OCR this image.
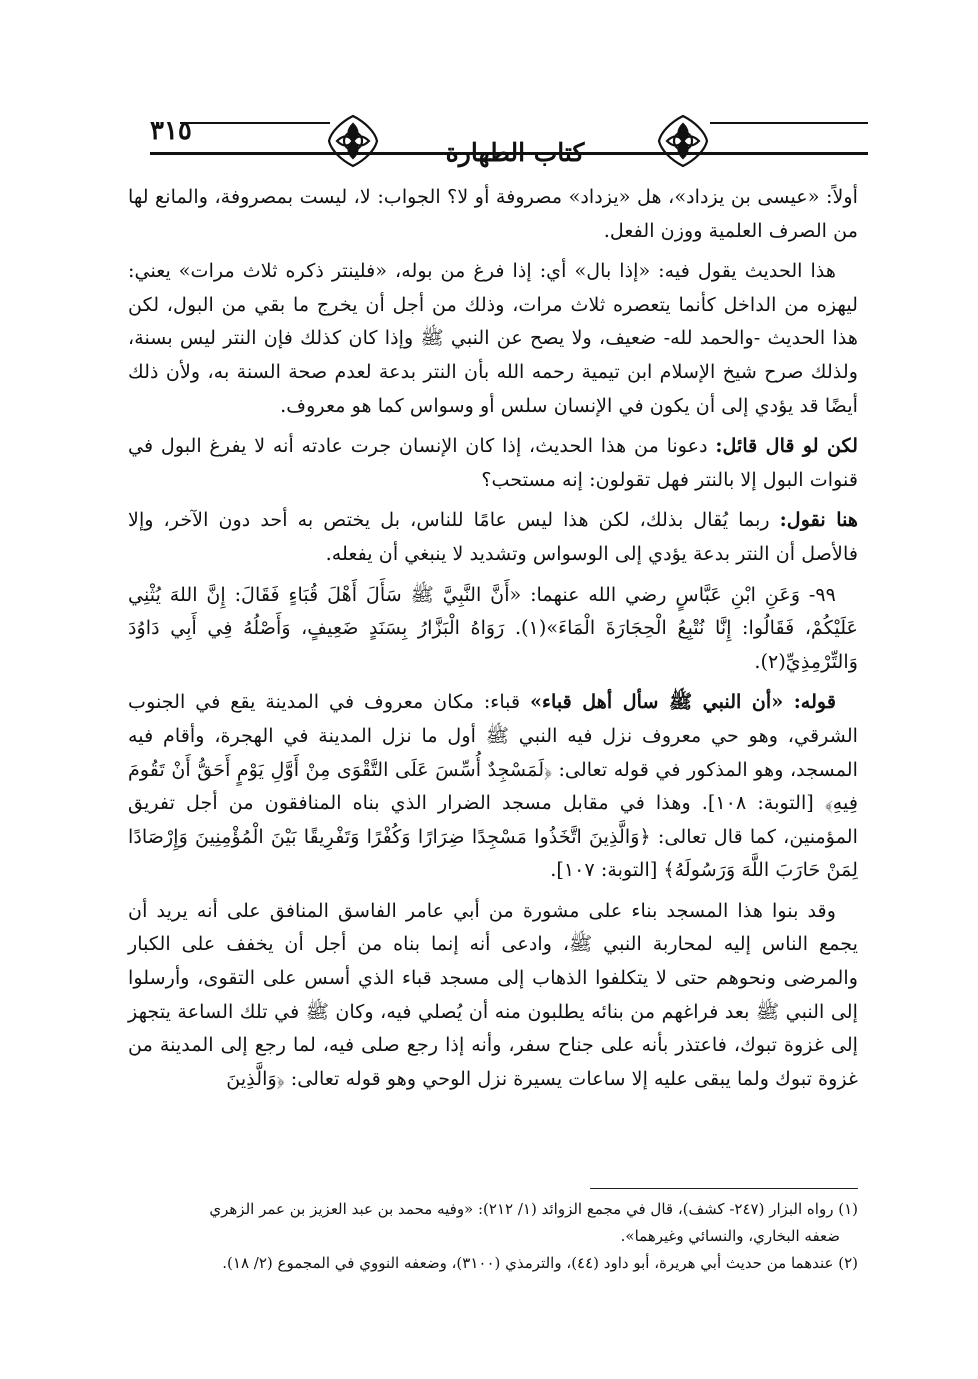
٣١٥
كتاب الطهارة

أولاً: «عيسى بن يزداد»، هل «يزداد» مصروفة أو لا؟ الجواب: لا، ليست بمصروفة، والمانع لها من الصرف العلمية ووزن الفعل.

هذا الحديث يقول فيه: «إذا بال» أي: إذا فرغ من بوله، «فلينتر ذكره ثلاث مرات» يعني: ليهزه من الداخل كأنما يتعصره ثلاث مرات، وذلك من أجل أن يخرج ما بقي من البول، لكن هذا الحديث -والحمد لله- ضعيف، ولا يصح عن النبي ﷺ وإذا كان كذلك فإن النتر ليس بسنة، ولذلك صرح شيخ الإسلام ابن تيمية رحمه الله بأن النتر بدعة لعدم صحة السنة به، ولأن ذلك أيضًا قد يؤدي إلى أن يكون في الإنسان سلس أو وسواس كما هو معروف.

لكن لو قال قائل: دعونا من هذا الحديث، إذا كان الإنسان جرت عادته أنه لا يفرغ البول في قنوات البول إلا بالنتر فهل تقولون: إنه مستحب؟

هنا نقول: ربما يُقال بذلك، لكن هذا ليس عامًا للناس، بل يختص به أحد دون الآخر، وإلا فالأصل أن النتر بدعة يؤدي إلى الوسواس وتشديد لا ينبغي أن يفعله.

٩٩- وَعَنِ ابْنِ عَبَّاسٍ رضي الله عنهما: «أَنَّ النَّبِيَّ ﷺ سَأَلَ أَهْلَ قُبَاءٍ فَقَالَ: إِنَّ اللهَ يُثْنِي عَلَيْكُمْ، فَقَالُوا: إِنَّا نُتْبِعُ الْحِجَارَةَ الْمَاءَ»(١). رَوَاهُ الْبَزَّارُ بِسَنَدٍ ضَعِيفٍ، وَأَصْلُهُ فِي أَبِي دَاوُدَ وَالتِّرْمِذِيِّ(٢).

قوله: «أن النبي ﷺ سأل أهل قباء» قباء: مكان معروف في المدينة يقع في الجنوب الشرقي، وهو حي معروف نزل فيه النبي ﷺ أول ما نزل المدينة في الهجرة، وأقام فيه المسجد، وهو المذكور في قوله تعالى: ﴿لَمَسْجِدٌ أُسِّسَ عَلَى التَّقْوَى مِنْ أَوَّلِ يَوْمٍ أَحَقُّ أَنْ تَقُومَ فِيهِ﴾ [التوبة: ١٠٨]. وهذا في مقابل مسجد الضرار الذي بناه المنافقون من أجل تفريق المؤمنين، كما قال تعالى: ﴿وَالَّذِينَ اتَّخَذُوا مَسْجِدًا ضِرَارًا وَكُفْرًا وَتَفْرِيقًا بَيْنَ الْمُؤْمِنِينَ وَإِرْصَادًا لِمَنْ حَارَبَ اللَّهَ وَرَسُولَهُ﴾ [التوبة: ١٠٧].

وقد بنوا هذا المسجد بناء على مشورة من أبي عامر الفاسق المنافق على أنه يريد أن يجمع الناس إليه لمحاربة النبي ﷺ، وادعى أنه إنما بناه من أجل أن يخفف على الكبار والمرضى ونحوهم حتى لا يتكلفوا الذهاب إلى مسجد قباء الذي أسس على التقوى، وأرسلوا إلى النبي ﷺ بعد فراغهم من بنائه يطلبون منه أن يُصلي فيه، وكان ﷺ في تلك الساعة يتجهز إلى غزوة تبوك، فاعتذر بأنه على جناح سفر، وأنه إذا رجع صلى فيه، لما رجع إلى المدينة من غزوة تبوك ولما يبقى عليه إلا ساعات يسيرة نزل الوحي وهو قوله تعالى: ﴿وَالَّذِينَ

(١) رواه البزار (٢٤٧- كشف)، قال في مجمع الزوائد (١/ ٢١٢): «وفيه محمد بن عبد العزيز بن عمر الزهري

ضعفه البخاري، والنسائي وغيرهما».

(٢) عندهما من حديث أبي هريرة، أبو داود (٤٤)، والترمذي (٣١٠٠)، وضعفه النووي في المجموع (٢/ ١٨).
